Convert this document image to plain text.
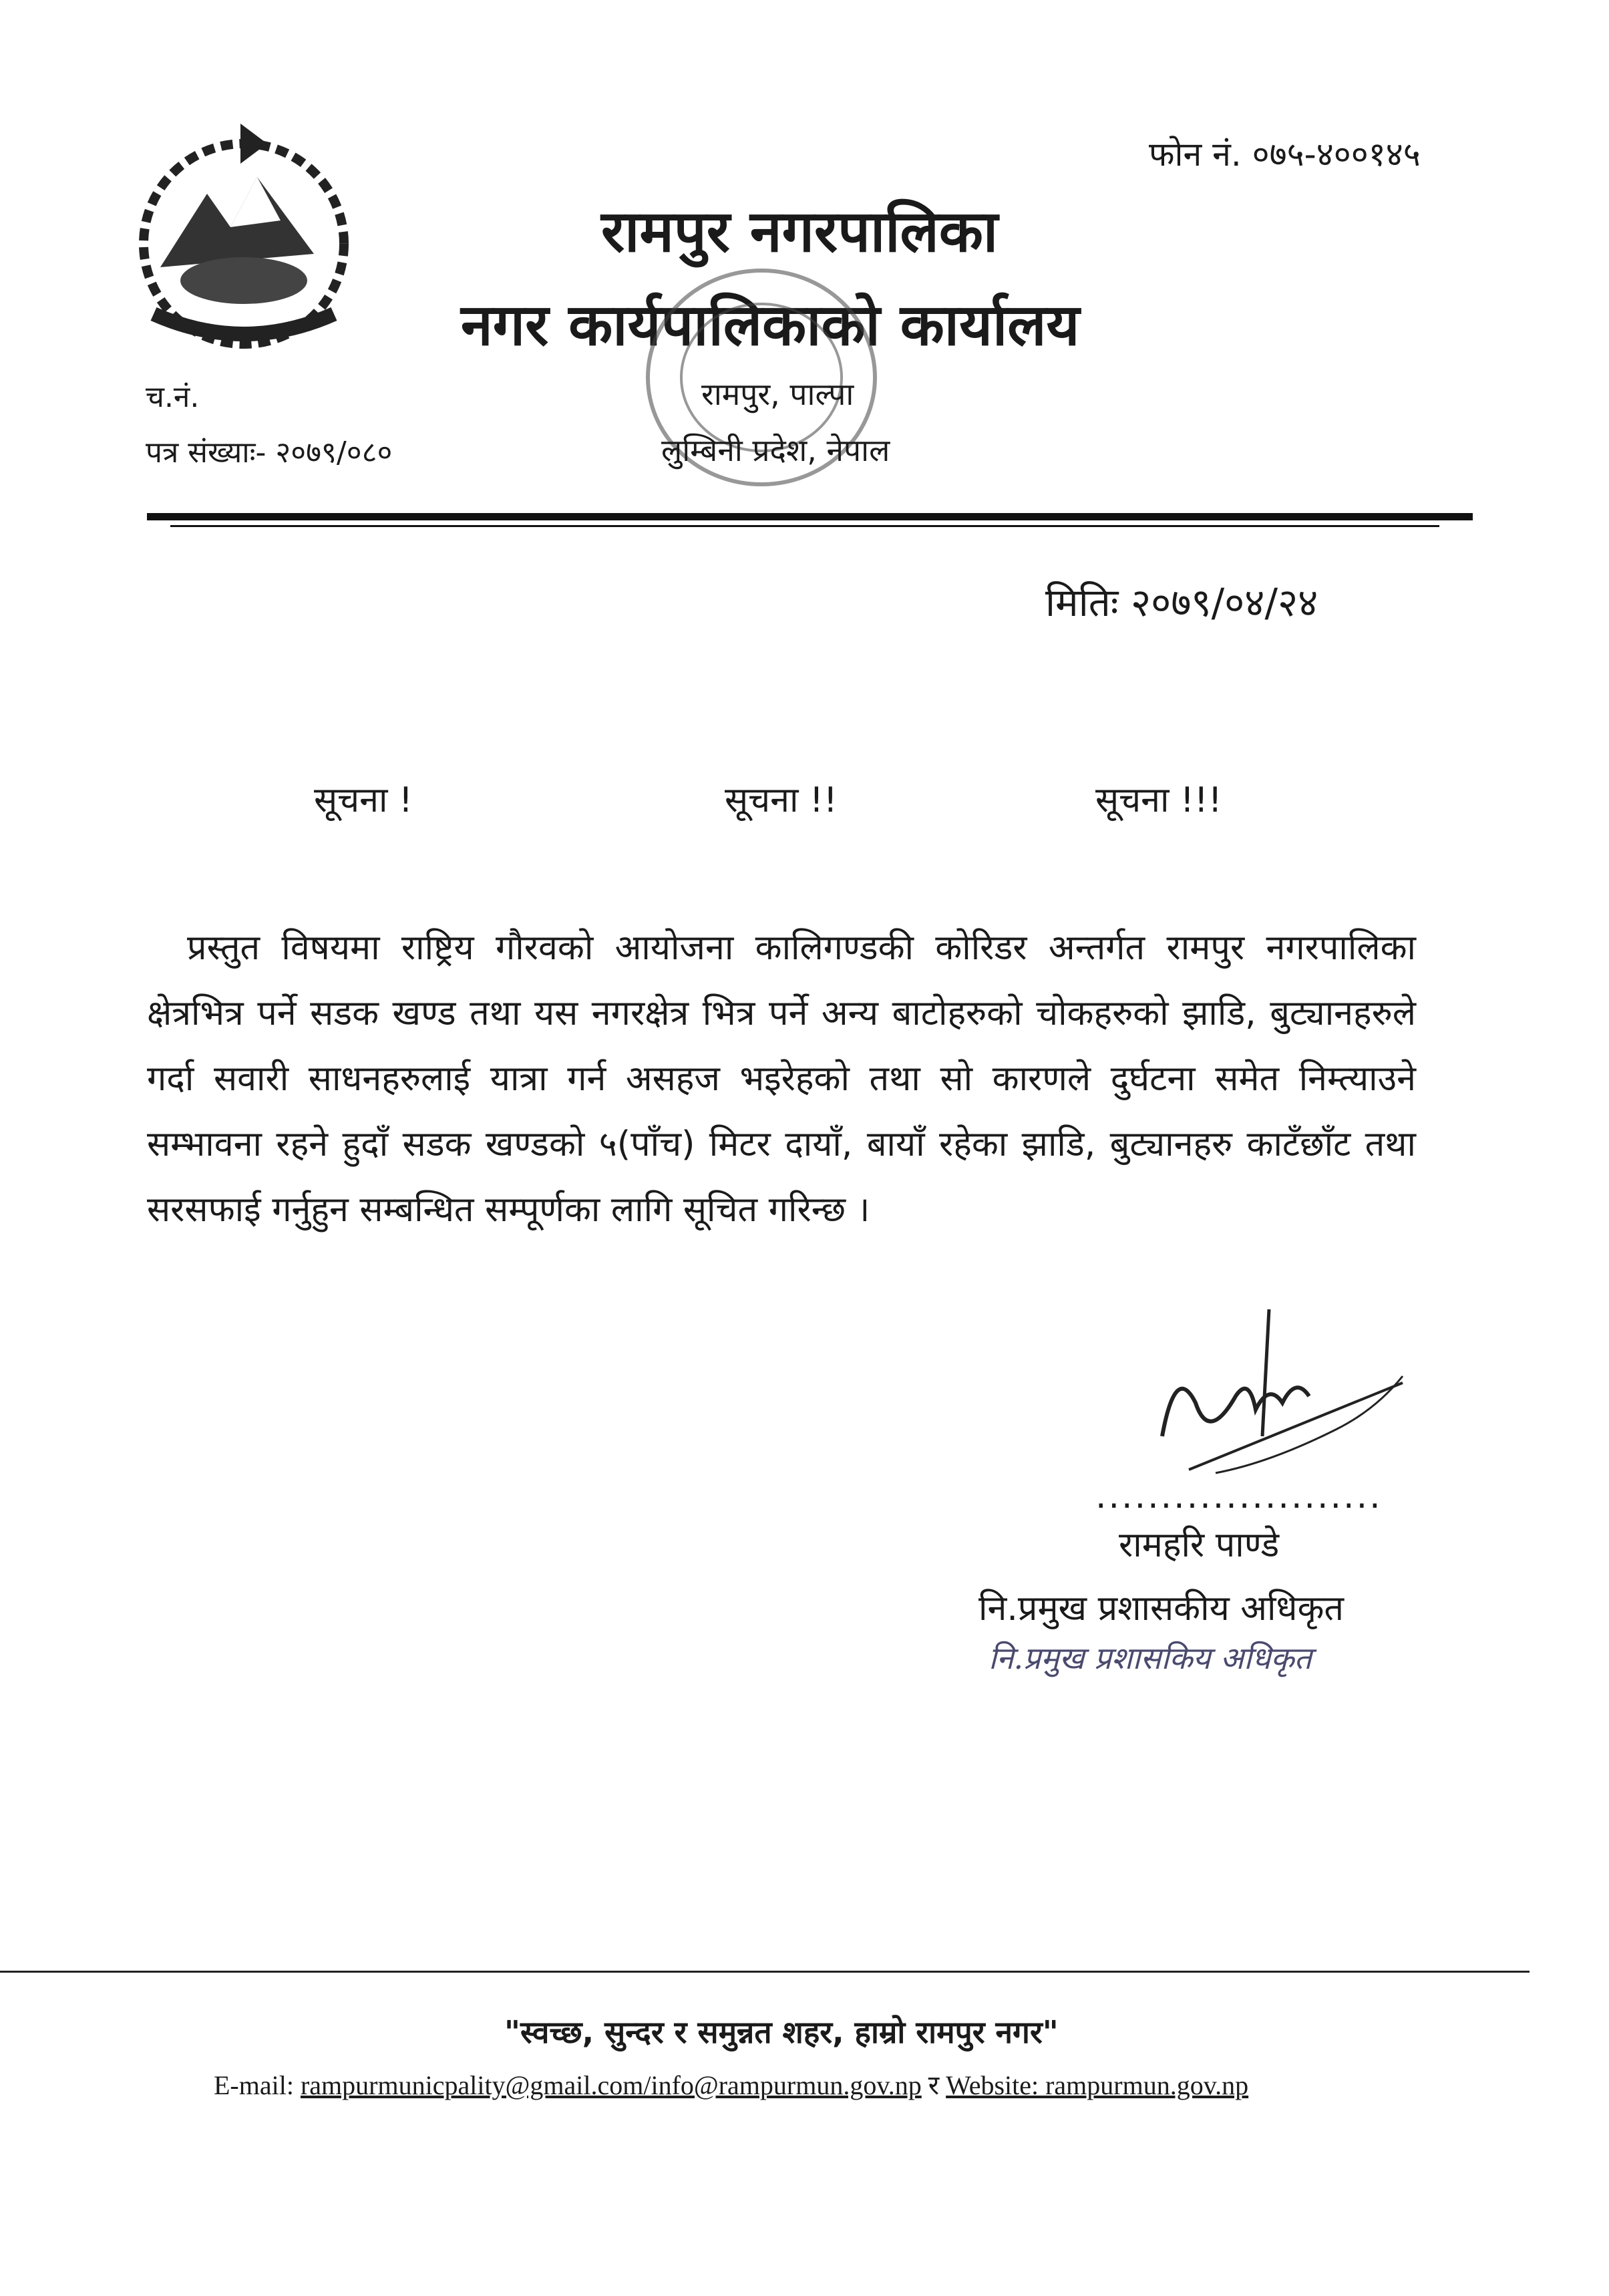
फोन नं. ०७५-४००१४५
रामपुर नगरपालिका
नगर कार्यपालिकाको कार्यालय
च.नं.
पत्र संख्याः- २०७९/०८०
रामपुर, पाल्पा
लुम्बिनी प्रदेश, नेपाल
मितिः २०७९/०४/२४
सूचना !	सूचना !!	सूचना !!!
प्रस्तुत विषयमा राष्ट्रिय गौरवको आयोजना कालिगण्डकी कोरिडर अन्तर्गत रामपुर नगरपालिका क्षेत्रभित्र पर्ने सडक खण्ड तथा यस नगरक्षेत्र भित्र पर्ने अन्य बाटोहरुको चोकहरुको झाडि, बुट्यानहरुले गर्दा सवारी साधनहरुलाई यात्रा गर्न असहज भइरेहको तथा सो कारणले दुर्घटना समेत निम्त्याउने सम्भावना रहने हुदाँ सडक खण्डको ५(पाँच) मिटर दायाँ, बायाँ रहेका झाडि, बुट्यानहरु काटँछाँट तथा सरसफाई गर्नुहुन सम्बन्धित सम्पूर्णका लागि सूचित गरिन्छ ।
......................
रामहरि पाण्डे
नि.प्रमुख प्रशासकीय अधिकृत
नि.प्रमुख प्रशासकिय अधिकृत
"स्वच्छ, सुन्दर र समुन्नत शहर, हाम्रो रामपुर नगर"
E-mail: rampurmunicpality@gmail.com/info@rampurmun.gov.np र Website: rampurmun.gov.np
